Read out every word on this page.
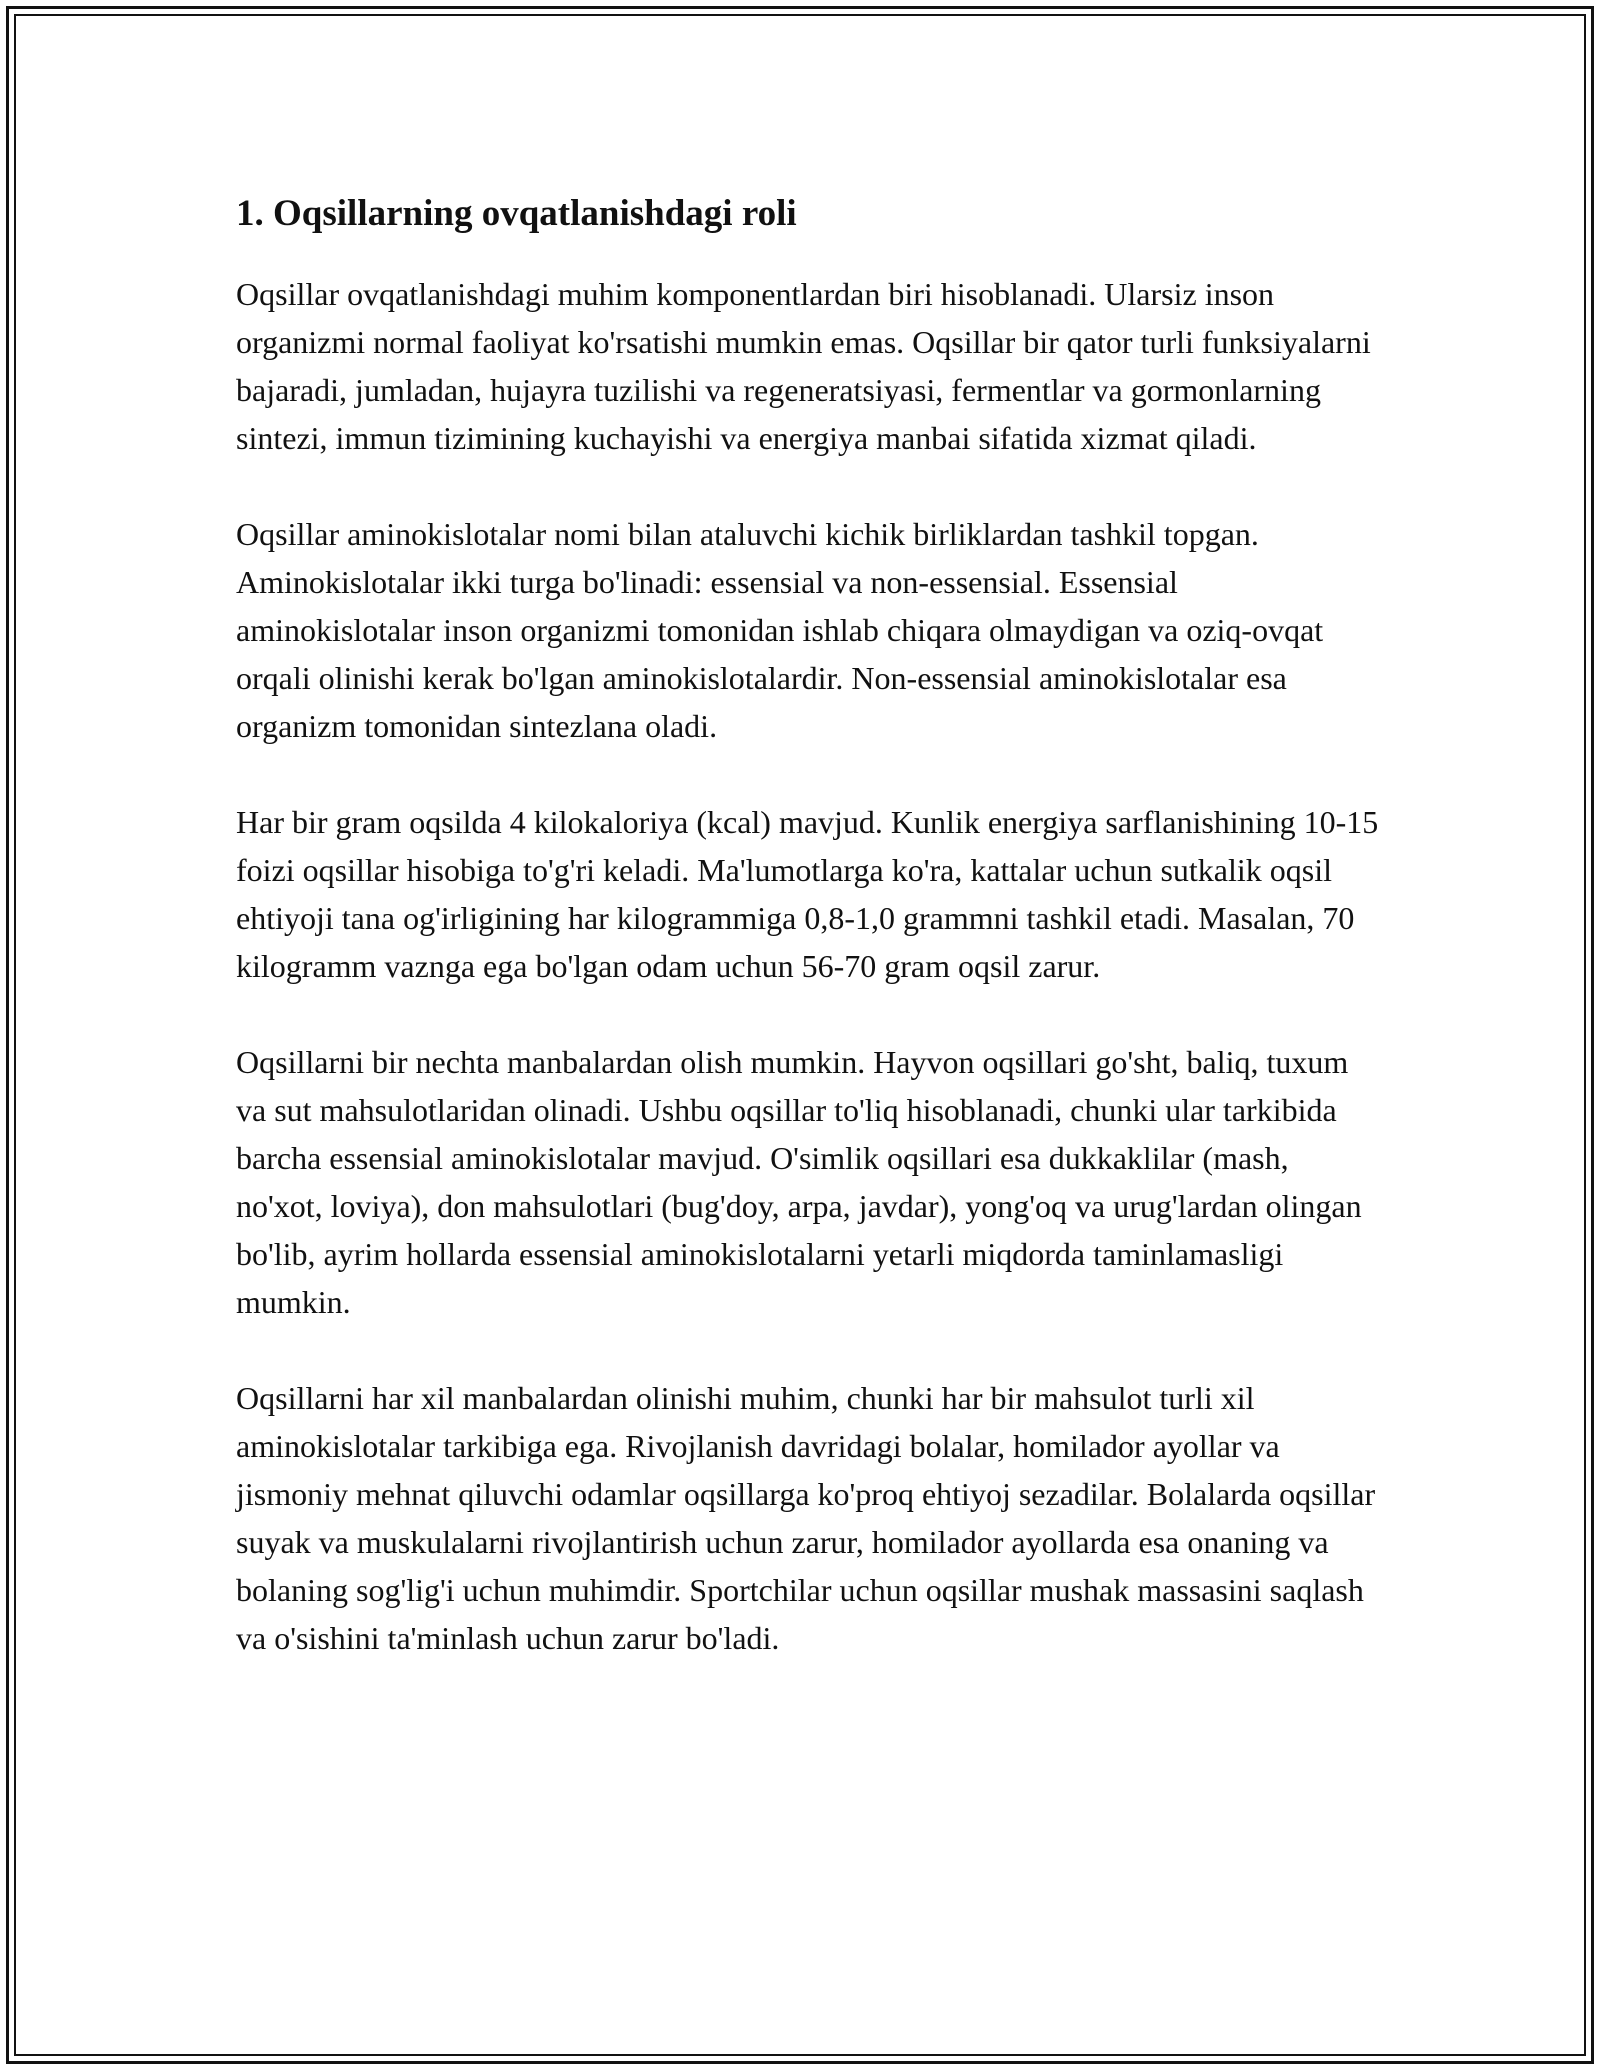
1. Oqsillarning ovqatlanishdagi roli

Oqsillar ovqatlanishdagi muhim komponentlardan biri hisoblanadi. Ularsiz inson organizmi normal faoliyat ko'rsatishi mumkin emas. Oqsillar bir qator turli funksiyalarni bajaradi, jumladan, hujayra tuzilishi va regeneratsiyasi, fermentlar va gormonlarning sintezi, immun tizimining kuchayishi va energiya manbai sifatida xizmat qiladi.

Oqsillar aminokislotalar nomi bilan ataluvchi kichik birliklardan tashkil topgan. Aminokislotalar ikki turga bo'linadi: essensial va non-essensial. Essensial aminokislotalar inson organizmi tomonidan ishlab chiqara olmaydigan va oziq-ovqat orqali olinishi kerak bo'lgan aminokislotalardir. Non-essensial aminokislotalar esa organizm tomonidan sintezlana oladi.

Har bir gram oqsilda 4 kilokaloriya (kcal) mavjud. Kunlik energiya sarflanishining 10-15 foizi oqsillar hisobiga to'g'ri keladi. Ma'lumotlarga ko'ra, kattalar uchun sutkalik oqsil ehtiyoji tana og'irligining har kilogrammiga 0,8-1,0 grammni tashkil etadi. Masalan, 70 kilogramm vaznga ega bo'lgan odam uchun 56-70 gram oqsil zarur.

Oqsillarni bir nechta manbalardan olish mumkin. Hayvon oqsillari go'sht, baliq, tuxum va sut mahsulotlaridan olinadi. Ushbu oqsillar to'liq hisoblanadi, chunki ular tarkibida barcha essensial aminokislotalar mavjud. O'simlik oqsillari esa dukkaklilar (mash, no'xot, loviya), don mahsulotlari (bug'doy, arpa, javdar), yong'oq va urug'lardan olingan bo'lib, ayrim hollarda essensial aminokislotalarni yetarli miqdorda taminlamasligi mumkin.

Oqsillarni har xil manbalardan olinishi muhim, chunki har bir mahsulot turli xil aminokislotalar tarkibiga ega. Rivojlanish davridagi bolalar, homilador ayollar va jismoniy mehnat qiluvchi odamlar oqsillarga ko'proq ehtiyoj sezadilar. Bolalarda oqsillar suyak va muskulalarni rivojlantirish uchun zarur, homilador ayollarda esa onaning va bolaning sog'lig'i uchun muhimdir. Sportchilar uchun oqsillar mushak massasini saqlash va o'sishini ta'minlash uchun zarur bo'ladi.
